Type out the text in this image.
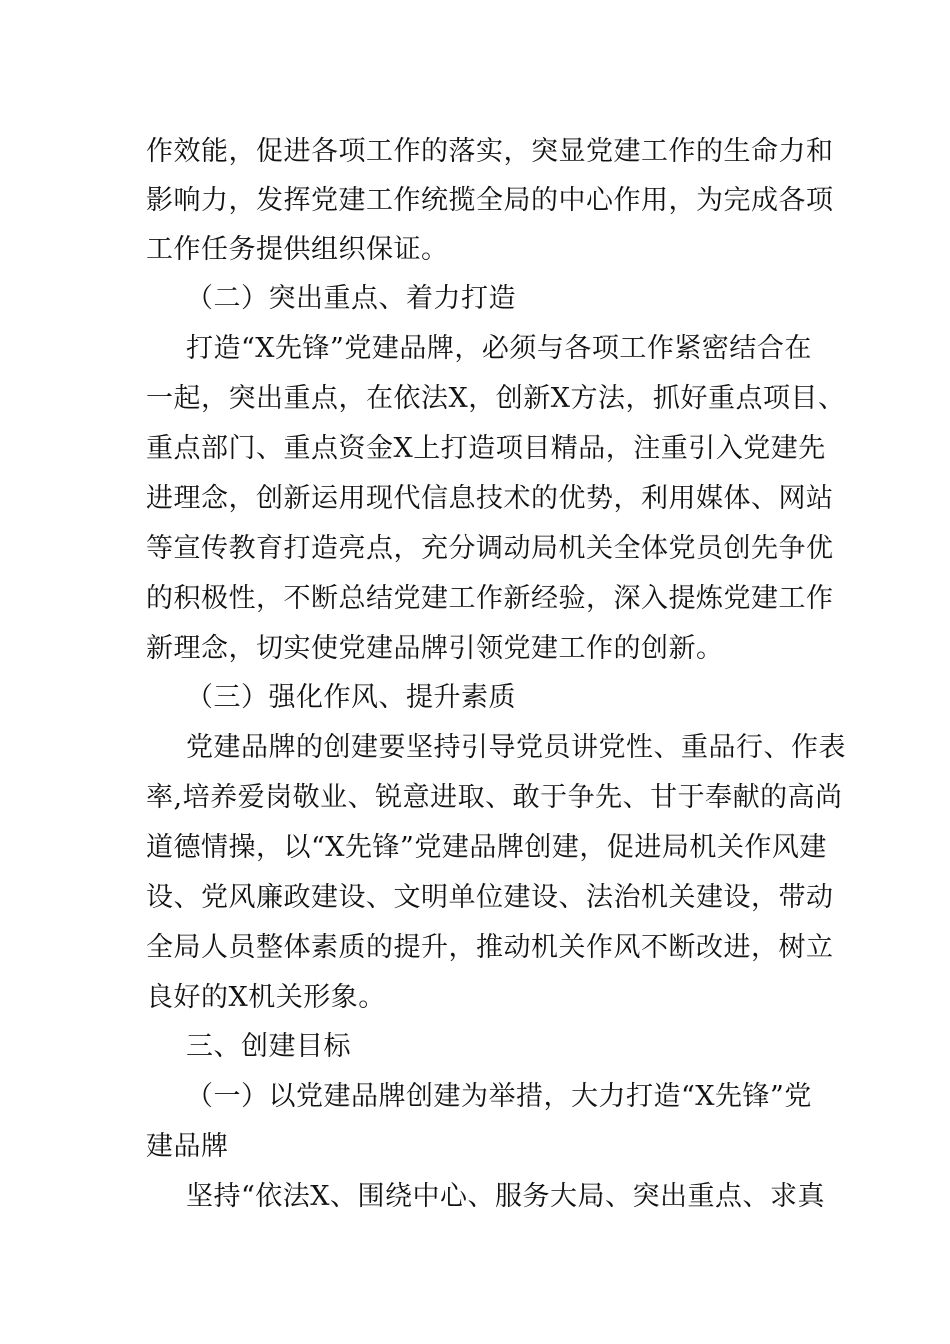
作效能，促进各项工作的落实，突显党建工作的生命力和
影响力，发挥党建工作统揽全局的中心作用，为完成各项
工作任务提供组织保证。
（二）突出重点、着力打造
打造“X先锋”党建品牌，必须与各项工作紧密结合在
一起，突出重点，在依法X，创新X方法，抓好重点项目、
重点部门、重点资金X上打造项目精品，注重引入党建先
进理念，创新运用现代信息技术的优势，利用媒体、网站
等宣传教育打造亮点，充分调动局机关全体党员创先争优
的积极性，不断总结党建工作新经验，深入提炼党建工作
新理念，切实使党建品牌引领党建工作的创新。
（三）强化作风、提升素质
党建品牌的创建要坚持引导党员讲党性、重品行、作表
率,培养爱岗敬业、锐意进取、敢于争先、甘于奉献的高尚
道德情操，以“X先锋”党建品牌创建，促进局机关作风建
设、党风廉政建设、文明单位建设、法治机关建设，带动
全局人员整体素质的提升，推动机关作风不断改进，树立
良好的X机关形象。
三、创建目标
（一）以党建品牌创建为举措，大力打造“X先锋”党
建品牌
坚持“依法X、围绕中心、服务大局、突出重点、求真
